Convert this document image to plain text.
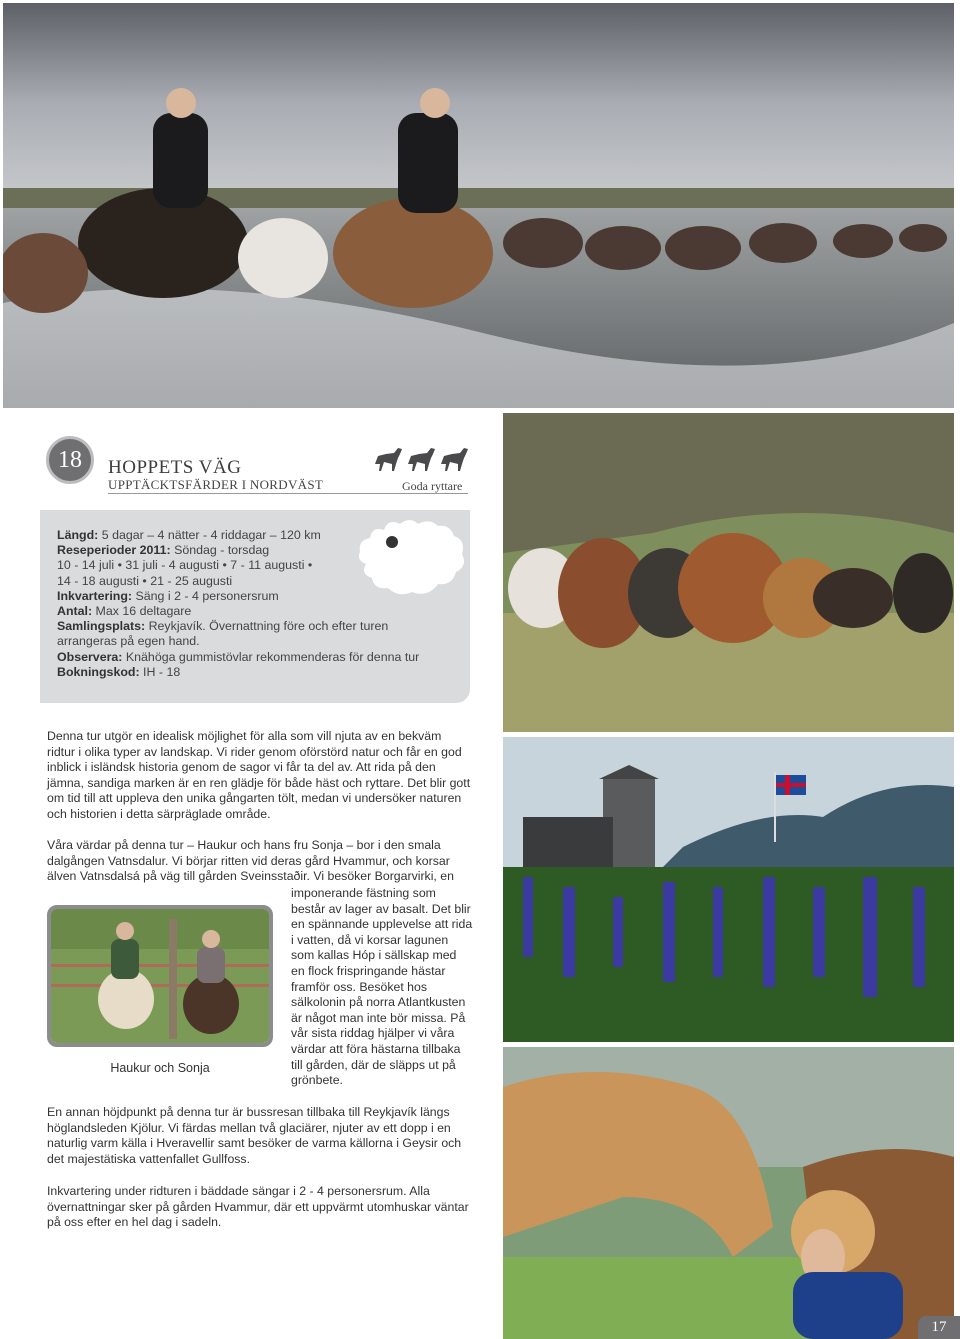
18	HOPPETS VÄG
UPPTÄCKTSFÄRDER I NORDVÄST	Goda ryttare
Längd: 5 dagar – 4 nätter - 4 riddagar – 120 km
Reseperioder 2011: Söndag - torsdag
10 - 14 juli • 31 juli - 4 augusti • 7 - 11 augusti •
14 - 18 augusti • 21 - 25 augusti
Inkvartering: Säng i 2 - 4 personersrum
Antal: Max 16 deltagare
Samlingsplats: Reykjavík. Övernattning före och efter turen
arrangeras på egen hand.
Observera: Knähöga gummistövlar rekommenderas för denna tur
Bokningskod: IH - 18
Denna tur utgör en idealisk möjlighet för alla som vill njuta av en bekväm ridtur i olika typer av landskap. Vi rider genom oförstörd natur och får en god inblick i isländsk historia genom de sagor vi får ta del av. Att rida på den jämna, sandiga marken är en ren glädje för både häst och ryttare. Det blir gott om tid till att uppleva den unika gångarten tölt, medan vi undersöker naturen och historien i detta särpräglade område.
Våra värdar på denna tur – Haukur och hans fru Sonja – bor i den smala dalgången Vatnsdalur. Vi börjar ritten vid deras gård Hvammur, och korsar älven Vatnsdalsá på väg till gården Sveinsstaðir. Vi besöker Borgarvirki, en
imponerande fästning som består av lager av basalt. Det blir en spännande upplevelse att rida i vatten, då vi korsar lagunen som kallas Hóp i sällskap med en flock frispringande hästar framför oss. Besöket hos sälkolonin på norra Atlantkusten är något man inte bör missa. På vår sista riddag hjälper vi våra värdar att föra hästarna tillbaka till gården, där de släpps ut på grönbete.
Haukur och Sonja
En annan höjdpunkt på denna tur är bussresan tillbaka till Reykjavík längs höglandsleden Kjölur. Vi färdas mellan två glaciärer, njuter av ett dopp i en naturlig varm källa i Hveravellir samt besöker de varma källorna i Geysir och det majestätiska vattenfallet Gullfoss.
Inkvartering under ridturen i bäddade sängar i 2 - 4 personersrum. Alla övernattningar sker på gården Hvammur, där ett uppvärmt utomhuskar väntar på oss efter en hel dag i sadeln.
17
